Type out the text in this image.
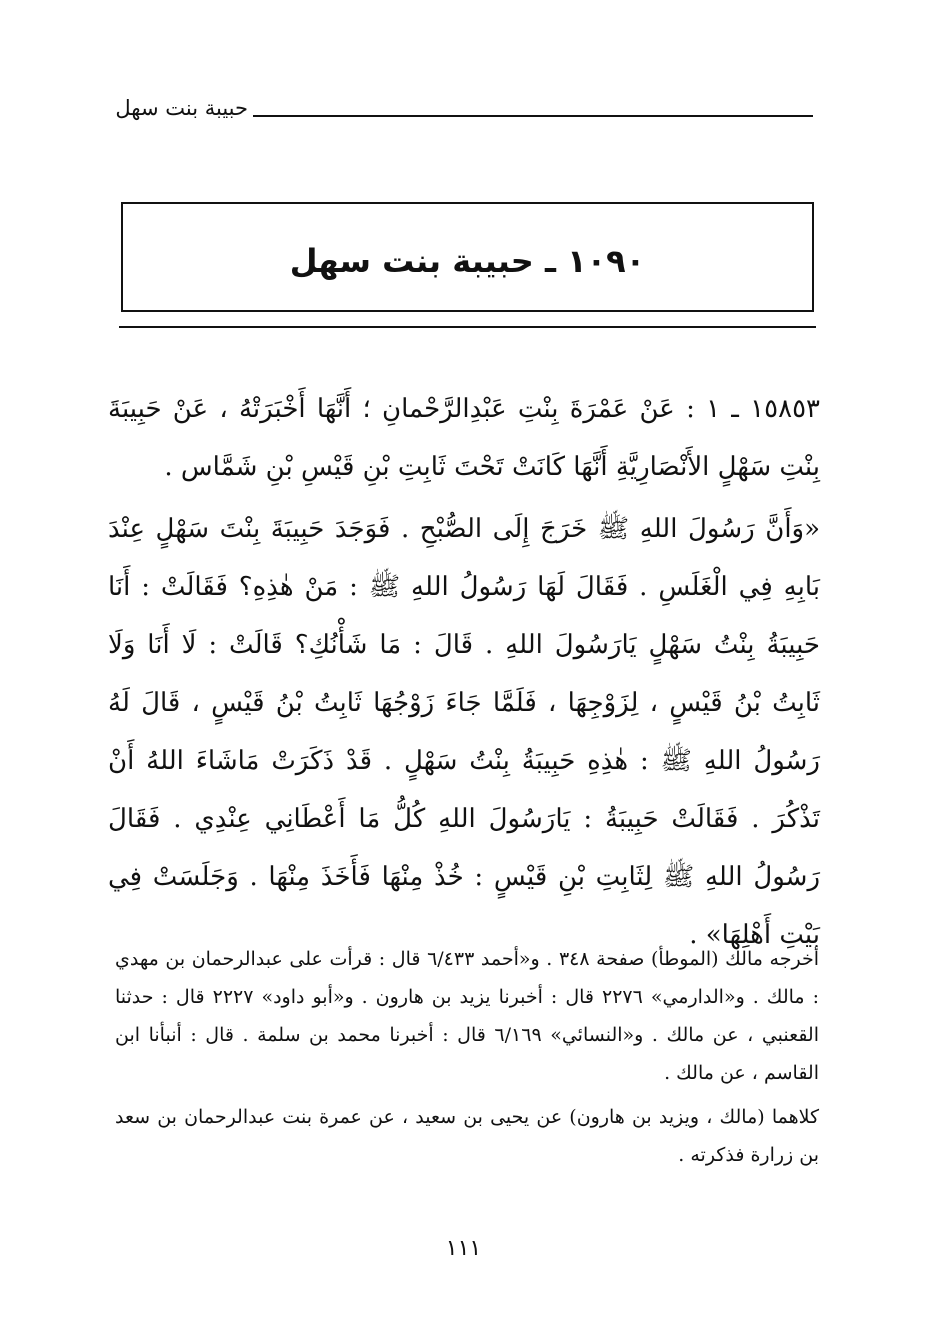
حبيبة بنت سهل
١٠٩٠ ـ حبيبة بنت سهل

١٥٨٥٣ ـ ١ : عَنْ عَمْرَةَ بِنْتِ عَبْدِالرَّحْمانِ ؛ أَنَّهَا أَخْبَرَتْهُ ، عَنْ حَبِيبَةَ بِنْتِ سَهْلٍ الأَنْصَارِيَّةِ أَنَّهَا كَانَتْ تَحْتَ ثَابِتِ بْنِ قَيْسِ بْنِ شَمَّاس .

«وَأَنَّ رَسُولَ اللهِ ﷺ خَرَجَ إِلَى الصُّبْحِ . فَوَجَدَ حَبِيبَةَ بِنْتَ سَهْلٍ عِنْدَ بَابِهِ فِي الْغَلَسِ . فَقَالَ لَهَا رَسُولُ اللهِ ﷺ : مَنْ هٰذِهِ؟ فَقَالَتْ : أَنَا حَبِيبَةُ بِنْتُ سَهْلٍ يَارَسُولَ اللهِ . قَالَ : مَا شَأْنُكِ؟ قَالَتْ : لَا أَنَا وَلَا ثَابِتُ بْنُ قَيْسٍ ، لِزَوْجِهَا ، فَلَمَّا جَاءَ زَوْجُهَا ثَابِتُ بْنُ قَيْسٍ ، قَالَ لَهُ رَسُولُ اللهِ ﷺ : هٰذِهِ حَبِيبَةُ بِنْتُ سَهْلٍ . قَدْ ذَكَرَتْ مَاشَاءَ اللهُ أَنْ تَذْكُرَ . فَقَالَتْ حَبِيبَةُ : يَارَسُولَ اللهِ كُلُّ مَا أَعْطَانِي عِنْدِي . فَقَالَ رَسُولُ اللهِ ﷺ لِثَابِتِ بْنِ قَيْسٍ : خُذْ مِنْهَا فَأَخَذَ مِنْهَا . وَجَلَسَتْ فِي بَيْتِ أَهْلِهَا» .

أخرجه مالك (الموطأ) صفحة ٣٤٨ . و«أحمد ٦/٤٣٣ قال : قرأت على عبدالرحمان بن مهدي : مالك . و«الدارمي» ٢٢٧٦ قال : أخبرنا يزيد بن هارون . و«أبو داود» ٢٢٢٧ قال : حدثنا القعنبي ، عن مالك . و«النسائي» ٦/١٦٩ قال : أخبرنا محمد بن سلمة . قال : أنبأنا ابن القاسم ، عن مالك .

كلاهما (مالك ، ويزيد بن هارون) عن يحيى بن سعيد ، عن عمرة بنت عبدالرحمان بن سعد بن زرارة فذكرته .

١١١
